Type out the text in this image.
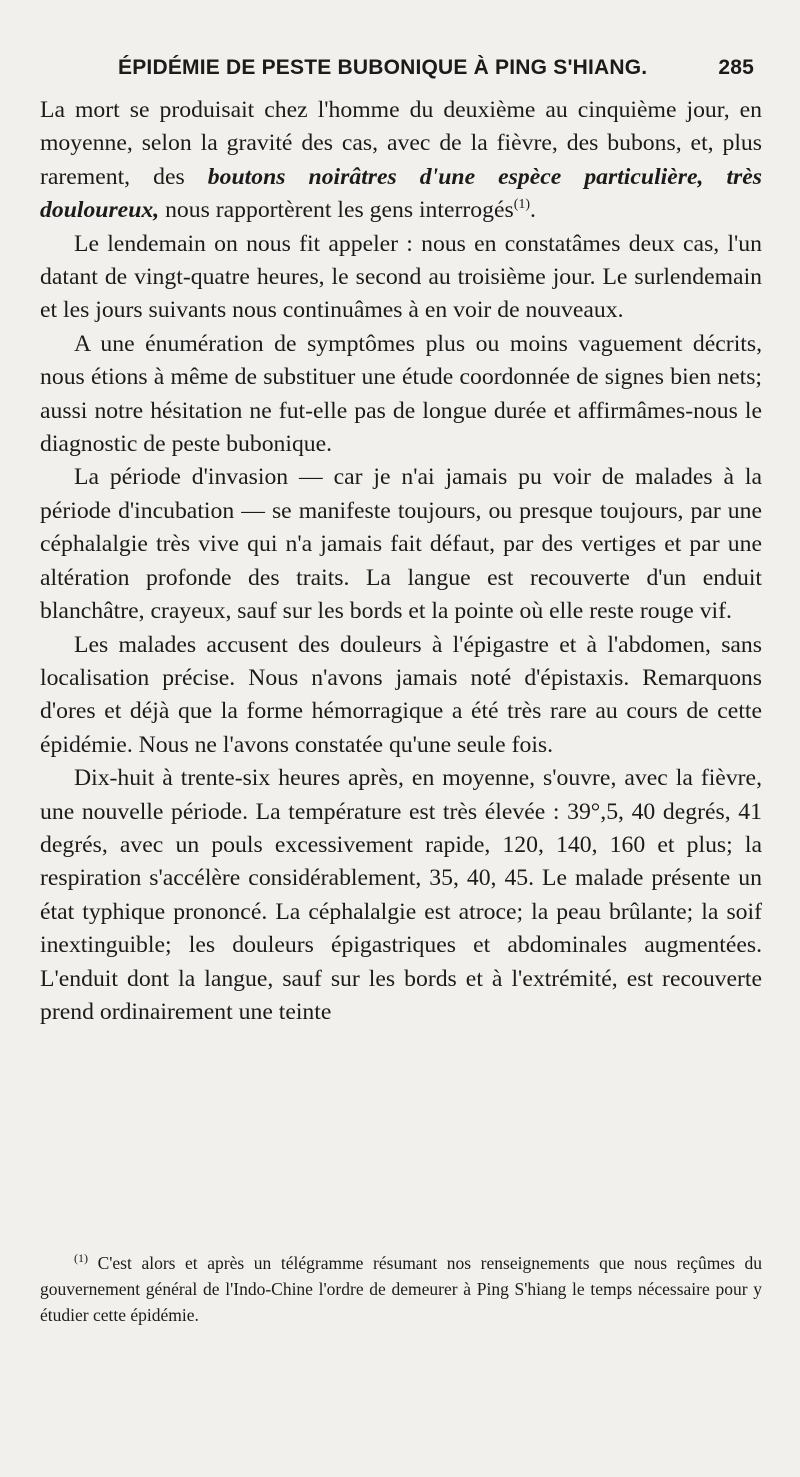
ÉPIDÉMIE DE PESTE BUBONIQUE À PING S'HIANG.	285

La mort se produisait chez l'homme du deuxième au cinquième jour, en moyenne, selon la gravité des cas, avec de la fièvre, des bubons, et, plus rarement, des boutons noirâtres d'une espèce particulière, très douloureux, nous rapportèrent les gens interrogés$^{(1)}$.

Le lendemain on nous fit appeler : nous en constatâmes deux cas, l'un datant de vingt-quatre heures, le second au troisième jour. Le surlendemain et les jours suivants nous continuâmes à en voir de nouveaux.

A une énumération de symptômes plus ou moins vaguement décrits, nous étions à même de substituer une étude coordonnée de signes bien nets; aussi notre hésitation ne fut-elle pas de longue durée et affirmâmes-nous le diagnostic de peste bubonique.

La période d'invasion — car je n'ai jamais pu voir de malades à la période d'incubation — se manifeste toujours, ou presque toujours, par une céphalalgie très vive qui n'a jamais fait défaut, par des vertiges et par une altération profonde des traits. La langue est recouverte d'un enduit blanchâtre, crayeux, sauf sur les bords et la pointe où elle reste rouge vif.

Les malades accusent des douleurs à l'épigastre et à l'abdomen, sans localisation précise. Nous n'avons jamais noté d'épistaxis. Remarquons d'ores et déjà que la forme hémorragique a été très rare au cours de cette épidémie. Nous ne l'avons constatée qu'une seule fois.

Dix-huit à trente-six heures après, en moyenne, s'ouvre, avec la fièvre, une nouvelle période. La température est très élevée : 39°,5, 40 degrés, 41 degrés, avec un pouls excessivement rapide, 120, 140, 160 et plus; la respiration s'accélère considérablement, 35, 40, 45. Le malade présente un état typhique prononcé. La céphalalgie est atroce; la peau brûlante; la soif inextinguible; les douleurs épigastriques et abdominales augmentées. L'enduit dont la langue, sauf sur les bords et à l'extrémité, est recouverte prend ordinairement une teinte

$^{(1)}$ C'est alors et après un télégramme résumant nos renseignements que nous reçûmes du gouvernement général de l'Indo-Chine l'ordre de demeurer à Ping S'hiang le temps nécessaire pour y étudier cette épidémie.
